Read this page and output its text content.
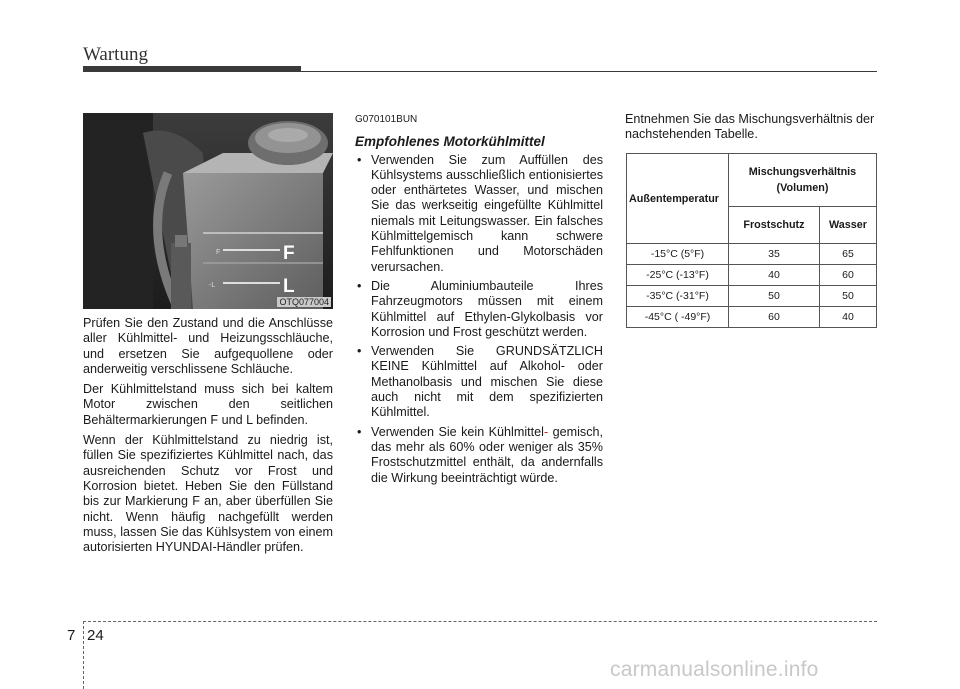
Wartung
F
-L
F
L
OTQ077004

Prüfen Sie den Zustand und die Anschlüsse aller Kühlmittel- und Heizungsschläuche, und ersetzen Sie aufgequollene oder anderweitig verschlissene Schläuche.

Der Kühlmittelstand muss sich bei kaltem Motor zwischen den seitlichen Behältermarkierungen F und L befinden.

Wenn der Kühlmittelstand zu niedrig ist, füllen Sie spezifiziertes Kühlmittel nach, das ausreichenden Schutz vor Frost und Korrosion bietet. Heben Sie den Füllstand bis zur Markierung F an, aber überfüllen Sie nicht. Wenn häufig nachgefüllt werden muss, lassen Sie das Kühlsystem von einem autorisierten HYUNDAI-Händler prüfen.

G070101BUN

Empfohlenes Motorkühlmittel

• Verwenden Sie zum Auffüllen des Kühlsystems ausschließlich entionisiertes oder enthärtetes Wasser, und mischen Sie das werkseitig eingefüllte Kühlmittel niemals mit Leitungswasser. Ein falsches Kühlmittelgemisch kann schwere Fehlfunktionen und Motorschäden verursachen.
• Die Aluminiumbauteile Ihres Fahrzeugmotors müssen mit einem Kühlmittel auf Ethylen-Glykolbasis vor Korrosion und Frost geschützt werden.
• Verwenden Sie GRUNDSÄTZLICH KEINE Kühlmittel auf Alkohol- oder Methanolbasis und mischen Sie diese auch nicht mit dem spezifizierten Kühlmittel.
• Verwenden Sie kein Kühlmittel- gemisch, das mehr als 60% oder weniger als 35% Frostschutzmittel enthält, da andernfalls die Wirkung beeinträchtigt würde.

Entnehmen Sie das Mischungsverhältnis der nachstehenden Tabelle.

Außentemperatur	Mischungsverhältnis
(Volumen)	
	Frostschutz	Wasser
-15°C (5°F)	35	65
-25°C (-13°F)	40	60
-35°C (-31°F)	50	50
-45°C ( -49°F)	60	40
7 24
carmanualsonline.info
